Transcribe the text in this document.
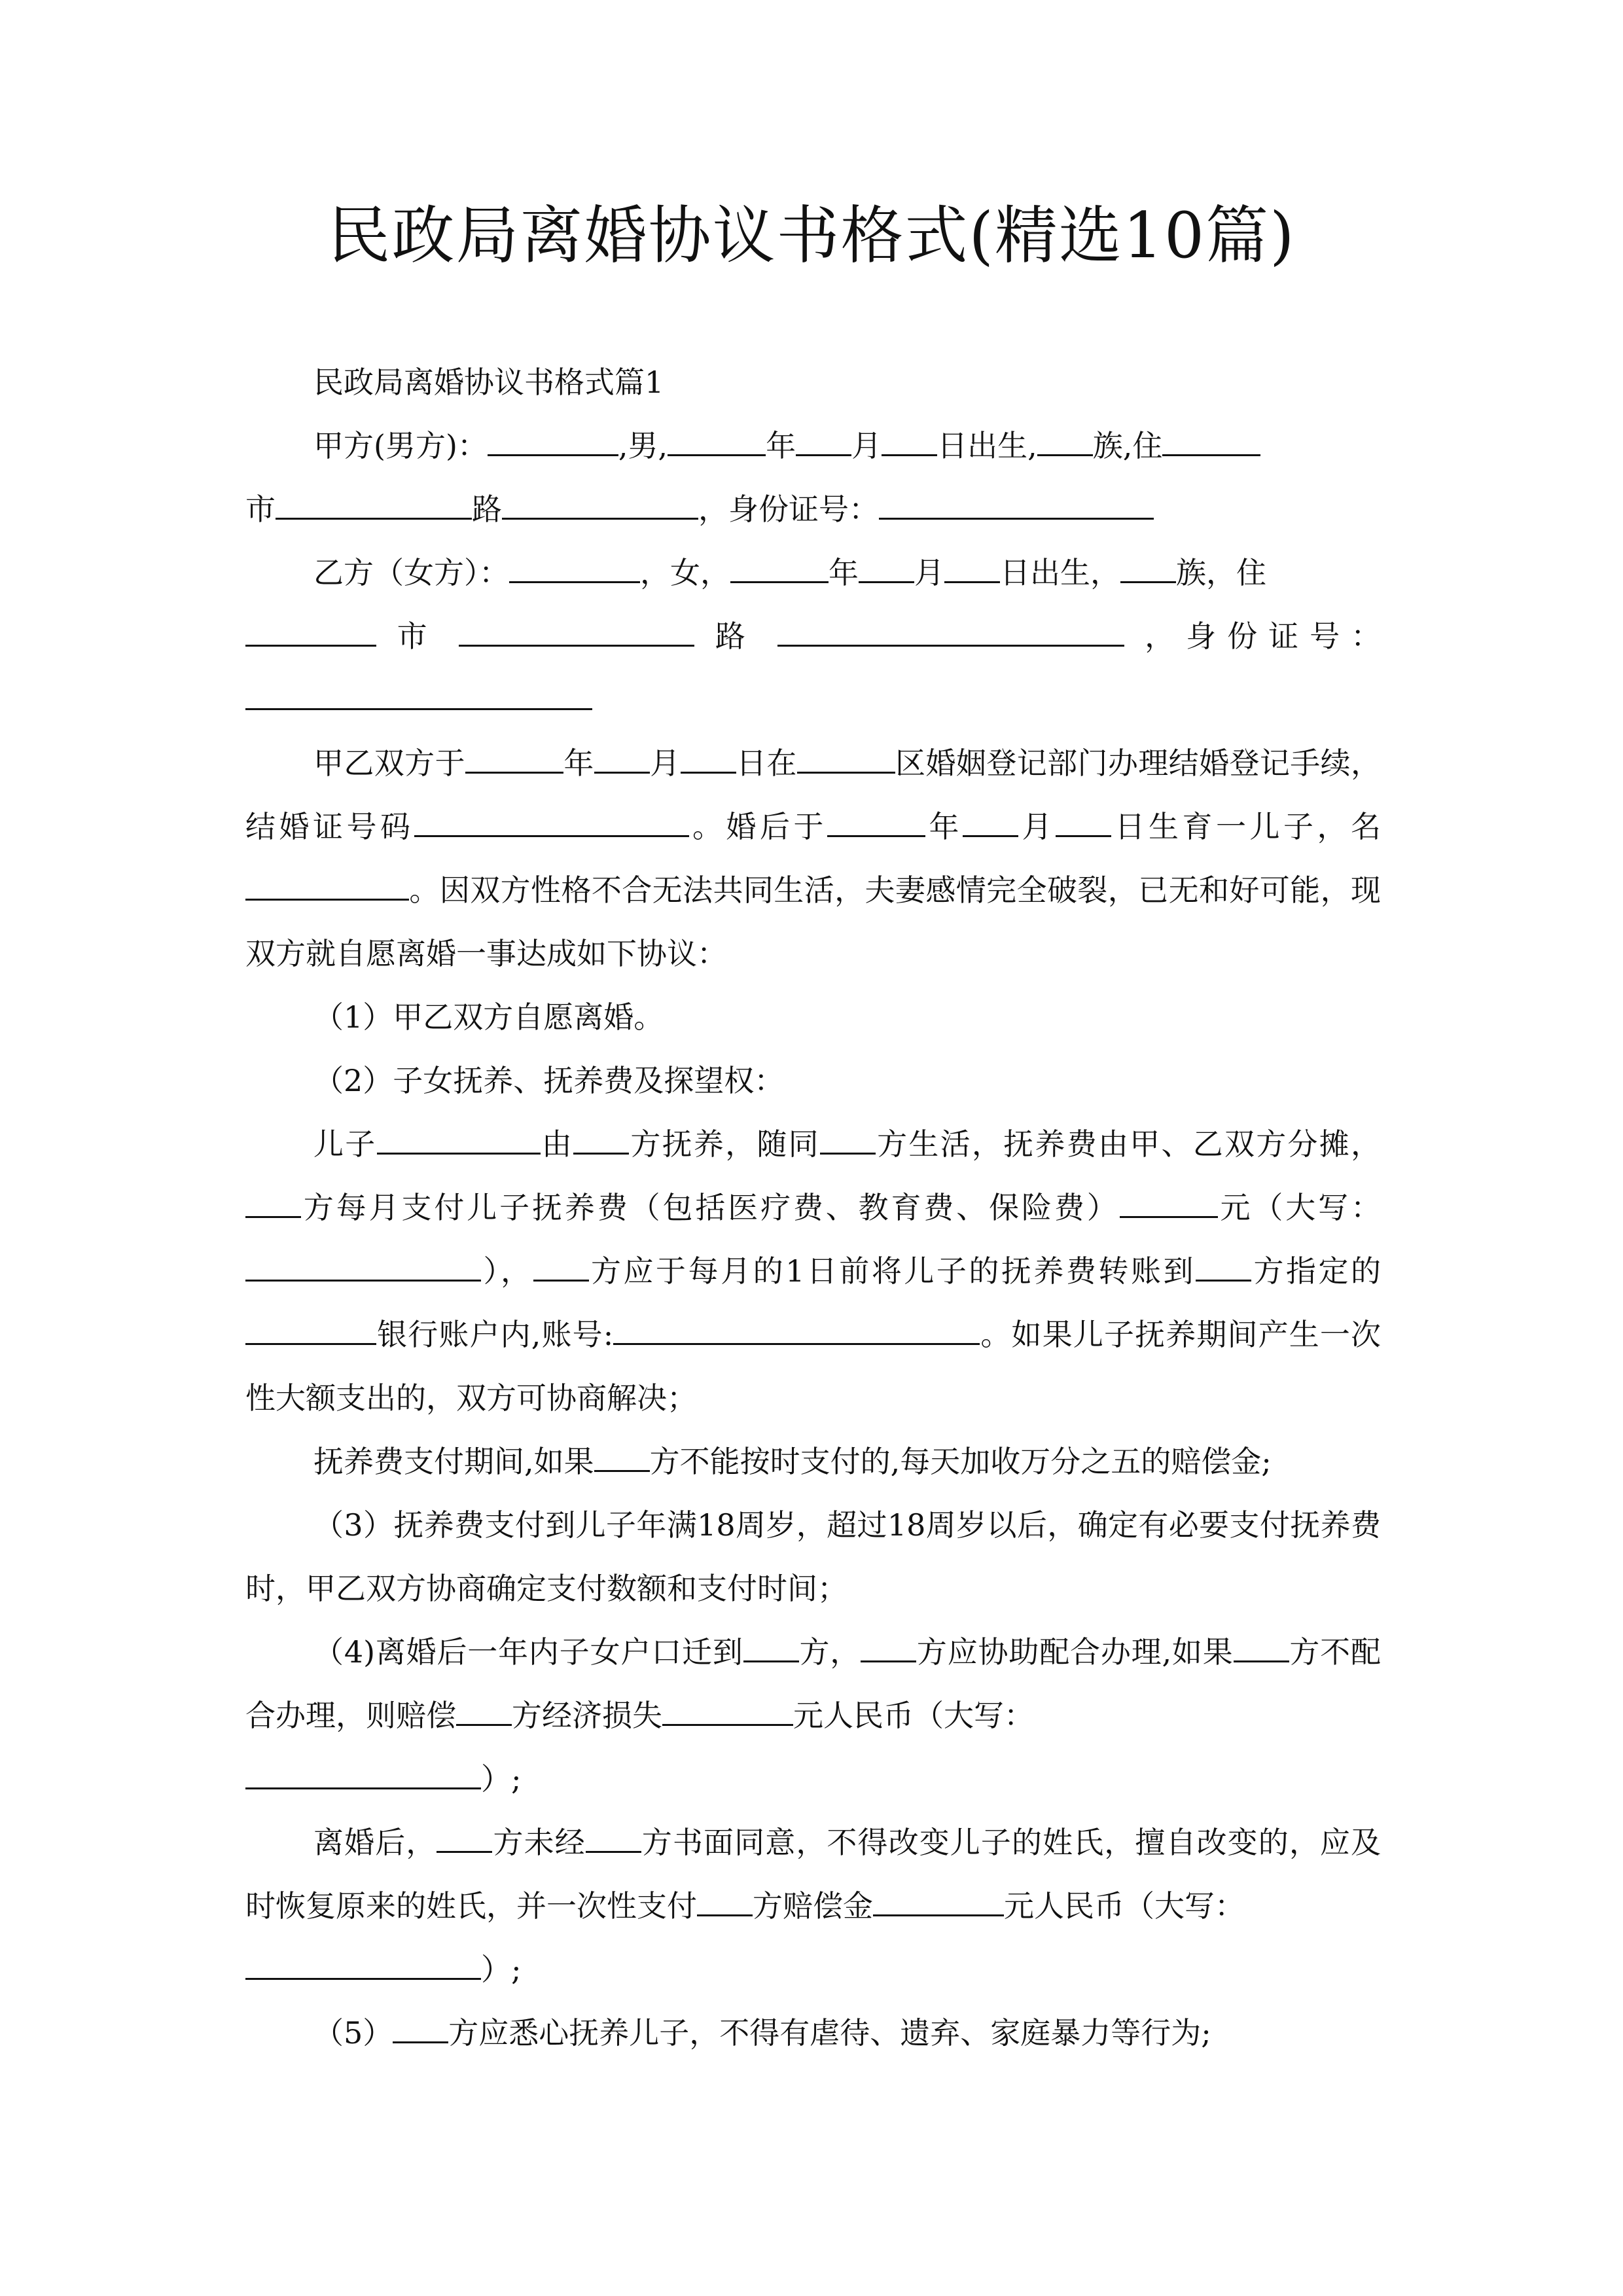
民政局离婚协议书格式(精选10篇)

民政局离婚协议书格式篇1

甲方(男方)：	,男,	年 月 日出生, 族,住
市	路	，身份证号：

乙方（女方）：	，女，	年 月 日出生， 族，住

市	路	，身份证号：

甲乙双方于	年 月 日在	区婚姻登记部门办理结婚登记手续，结婚证号码	。婚后于	年 月 日生育一儿子，名。因双方性格不合无法共同生活，夫妻感情完全破裂，已无和好可能，现双方就自愿离婚一事达成如下协议：

（1）甲乙双方自愿离婚。

（2）子女抚养、抚养费及探望权：

儿子	由 方抚养，随同 方生活，抚养费由甲、乙双方分摊，方每月支付儿子抚养费（包括医疗费、教育费、保险费）	元（大写：）， 方应于每月的1日前将儿子的抚养费转账到 方指定的银行账户内,账号:	。如果儿子抚养期间产生一次性大额支出的，双方可协商解决；

抚养费支付期间,如果 方不能按时支付的,每天加收万分之五的赔偿金;

（3）抚养费支付到儿子年满18周岁，超过18周岁以后，确定有必要支付抚养费时，甲乙双方协商确定支付数额和支付时间；

（4)离婚后一年内子女户口迁到 方， 方应协助配合办理,如果 方不配合办理，则赔偿 方经济损失	元人民币（大写：
）;

离婚后， 方未经 方书面同意，不得改变儿子的姓氏，擅自改变的，应及时恢复原来的姓氏，并一次性支付 方赔偿金	元人民币（大写：
）;

（5） 方应悉心抚养儿子，不得有虐待、遗弃、家庭暴力等行为;
